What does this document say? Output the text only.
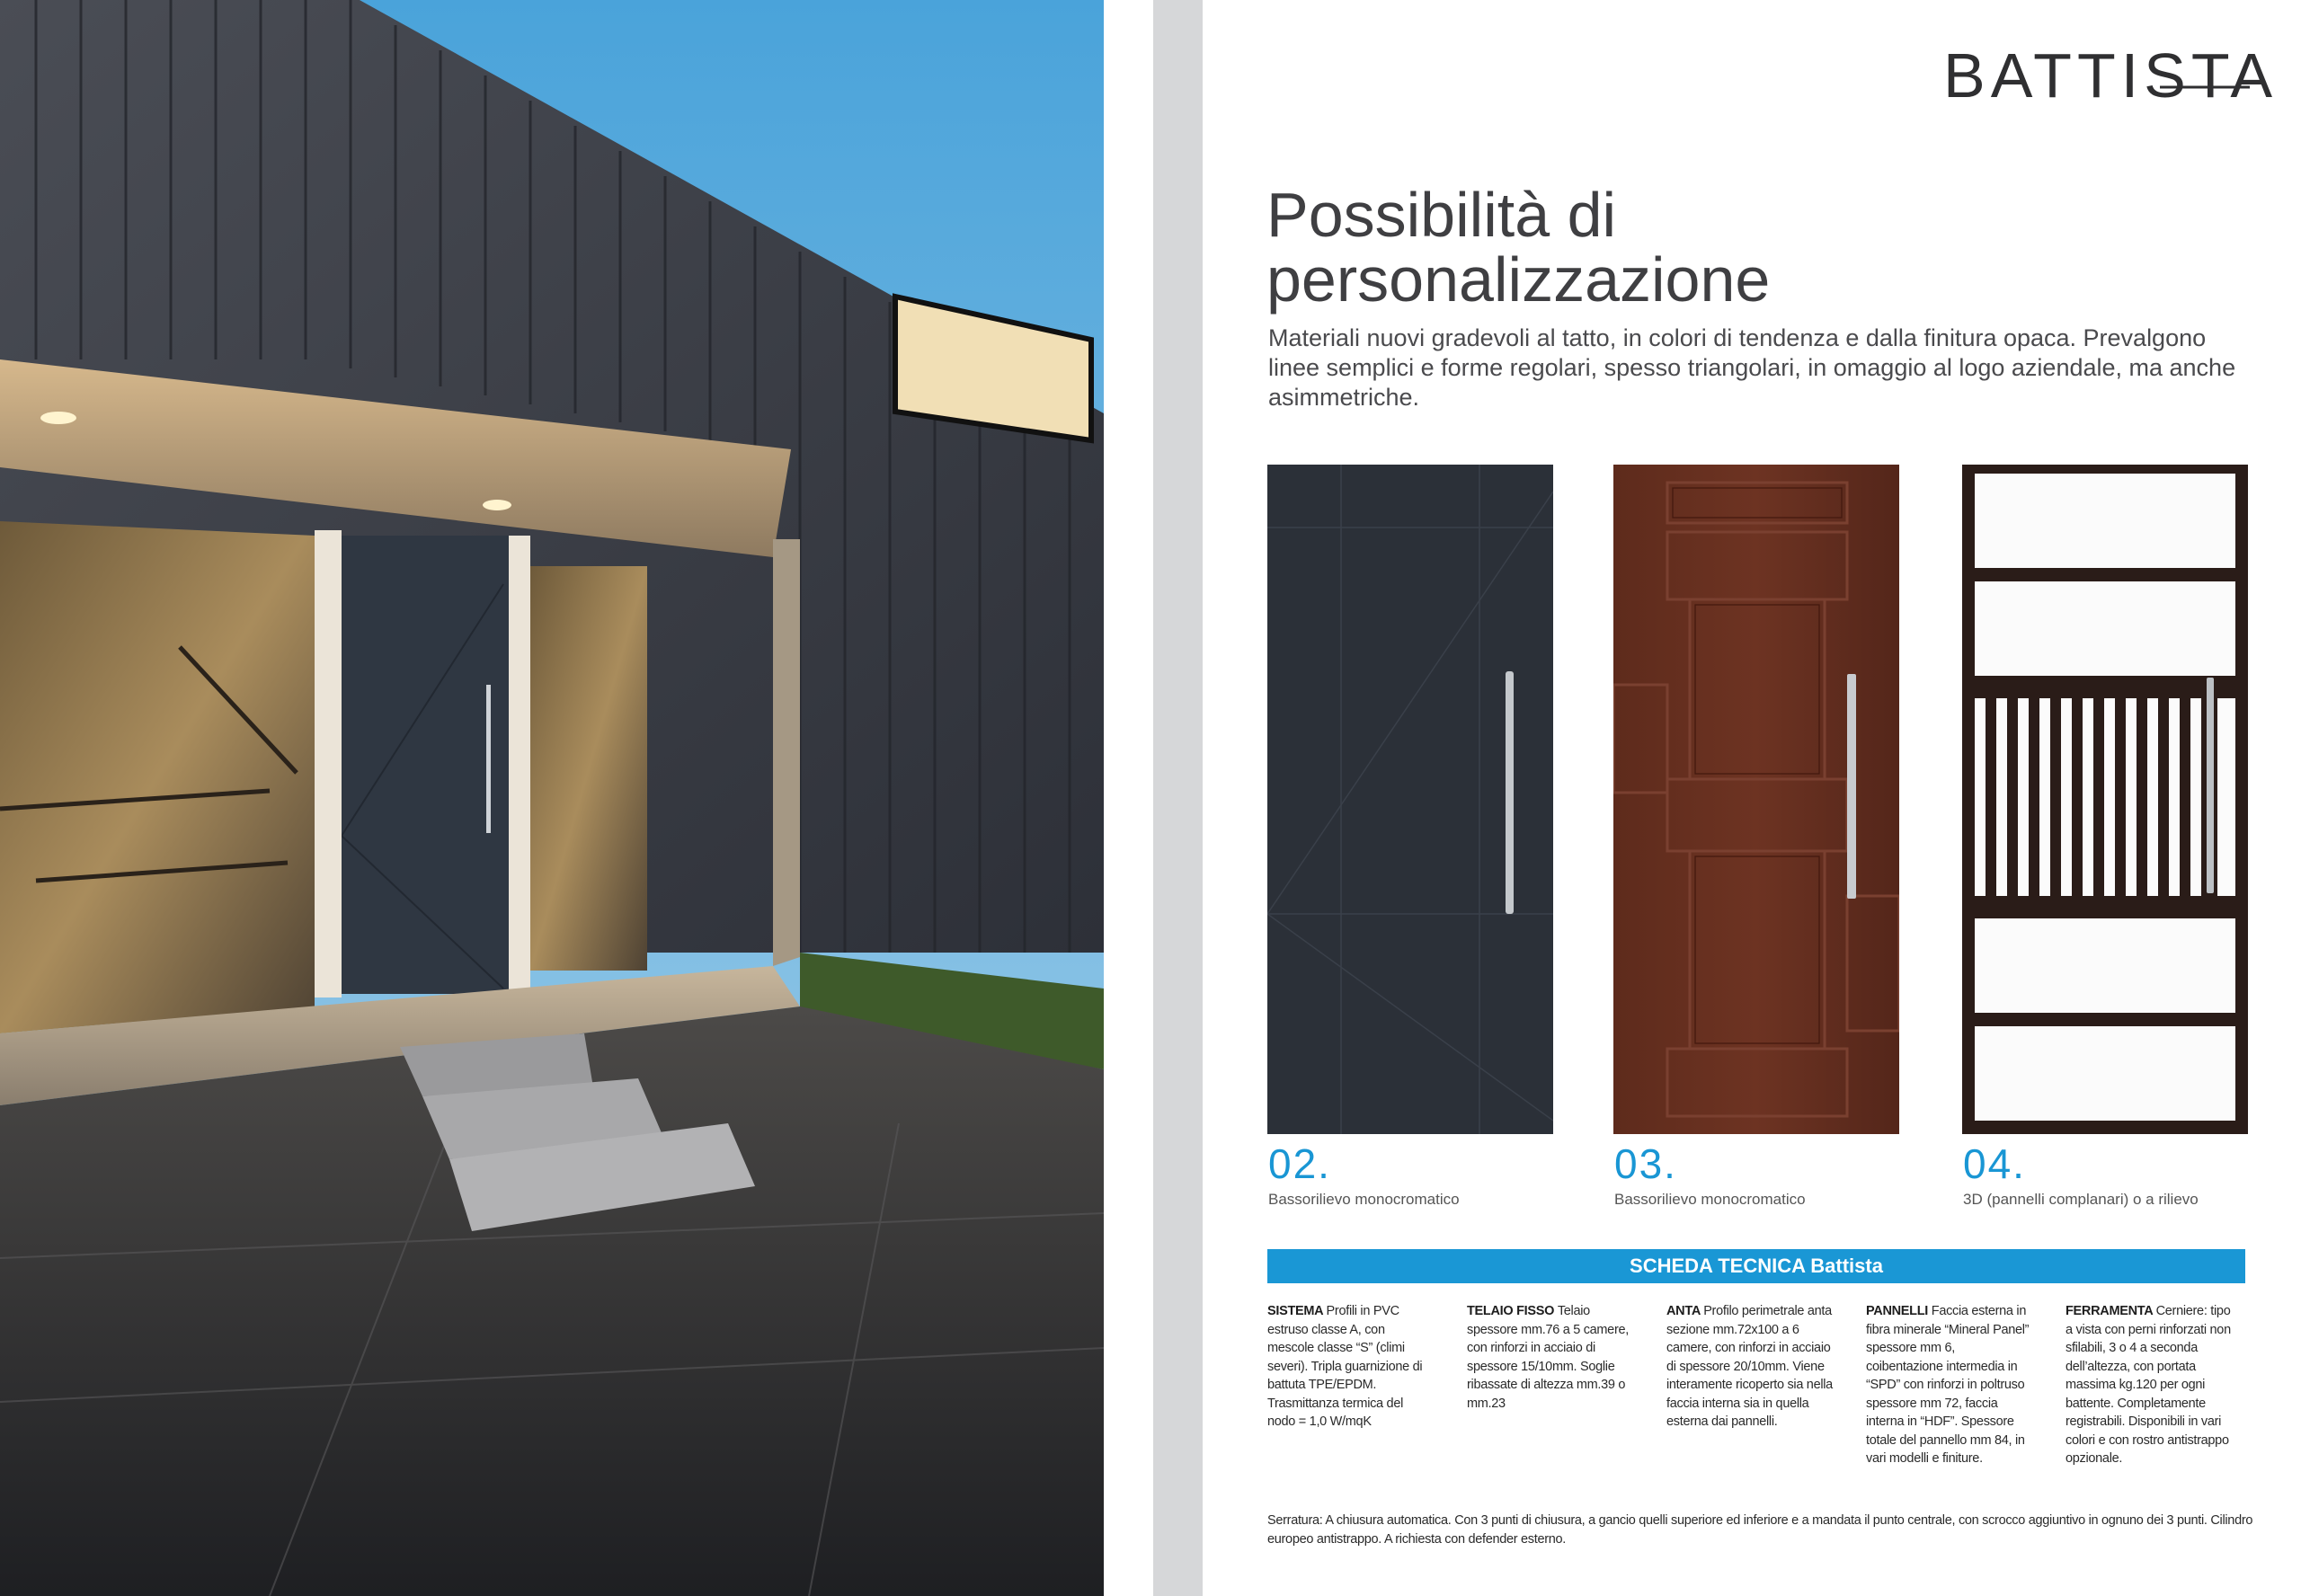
BATTISTA
Possibilità di
personalizzazione
Materiali nuovi gradevoli al tatto, in colori di tendenza e dalla finitura opaca. Prevalgono linee semplici e forme regolari, spesso triangolari, in omaggio al logo aziendale, ma anche asimmetriche.
02.
Bassorilievo monocromatico
03.
Bassorilievo monocromatico
04.
3D (pannelli complanari) o a rilievo
SCHEDA TECNICA Battista
SISTEMA Profili in PVC estruso classe A, con mescole classe “S” (climi severi). Tripla guarnizione di battuta TPE/EPDM. Trasmittanza termica del nodo = 1,0 W/mqK
TELAIO FISSO Telaio spessore mm.76 a 5 camere, con rinforzi in acciaio di spessore 15/10mm. Soglie ribassate di altezza mm.39 o mm.23
ANTA Profilo perimetrale anta sezione mm.72x100 a 6 camere, con rinforzi in acciaio di spessore 20/10mm. Viene interamente ricoperto sia nella faccia interna sia in quella esterna dai pannelli.
PANNELLI Faccia esterna in fibra minerale “Mineral Panel” spessore mm 6, coibentazione intermedia in “SPD” con rinforzi in poltruso spessore mm 72, faccia interna in “HDF”. Spessore totale del pannello mm 84, in vari modelli e finiture.
FERRAMENTA Cerniere: tipo a vista con perni rinforzati non sfilabili, 3 o 4 a seconda dell’altezza, con portata massima kg.120 per ogni battente. Completamente registrabili. Disponibili in vari colori e con rostro antistrappo opzionale.
Serratura: A chiusura automatica. Con 3 punti di chiusura, a gancio quelli superiore ed inferiore e a mandata il punto centrale, con scrocco aggiuntivo in ognuno dei 3 punti. Cilindro europeo antistrappo. A richiesta con defender esterno.
